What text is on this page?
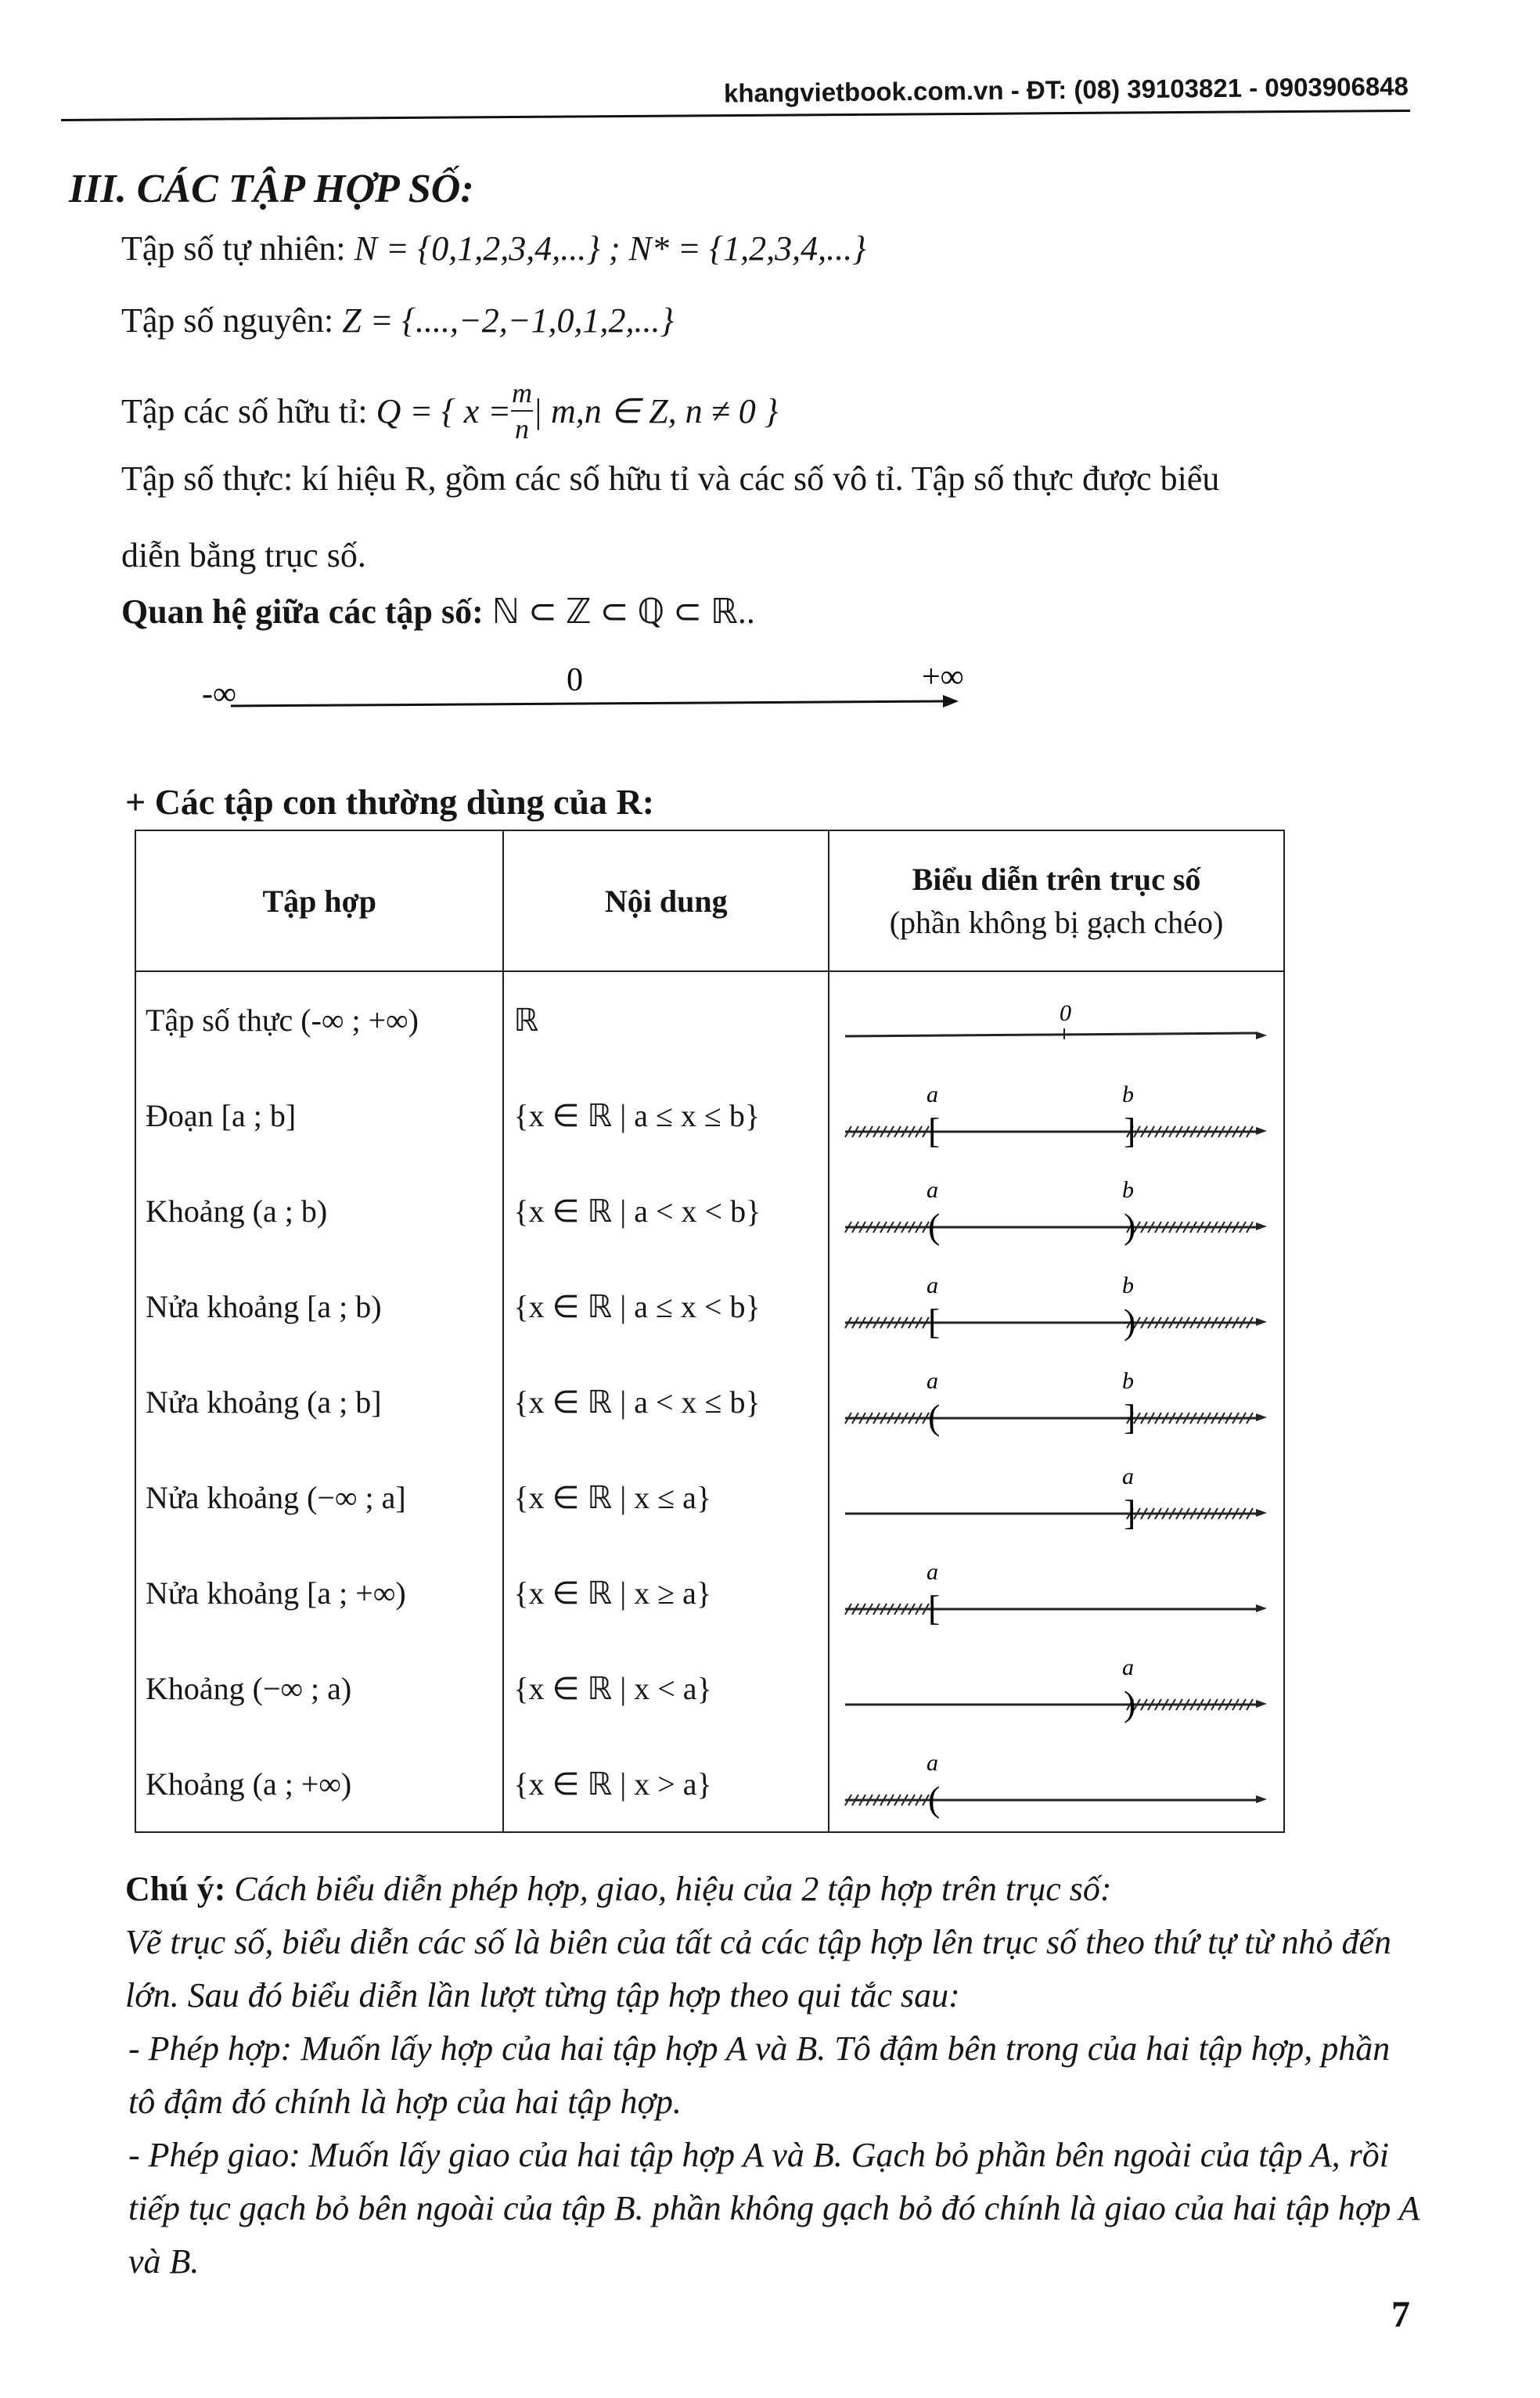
khangvietbook.com.vn - ĐT: (08) 39103821 - 0903906848
III. CÁC TẬP HỢP SỐ:
Tập số tự nhiên: N = {0,1,2,3,4,...} ; N* = {1,2,3,4,...}
Tập số nguyên: Z = {....,−2,−1,0,1,2,...}
Tập các số hữu tỉ:
Q = { x = m
n | m,n ∈ Z, n ≠ 0 }
Tập số thực: kí hiệu R, gồm các số hữu tỉ và các số vô tỉ. Tập số thực được biểu
diễn bằng trục số.
Quan hệ giữa các tập số: ℕ ⊂ ℤ ⊂ ℚ ⊂ ℝ..
-∞	0	+∞
+ Các tập con thường dùng của R:
Tập hợp	Nội dung	Biểu diễn trên trục số
(phần không bị gạch chéo)

Tập số thực (-∞ ; +∞)	ℝ	0

Đoạn [a ; b]	{x ∈ ℝ | a ≤ x ≤ b}	[ ]
a b

Khoảng (a ; b)	{x ∈ ℝ | a < x < b}	( )
a b

Nửa khoảng [a ; b)	{x ∈ ℝ | a ≤ x < b}	[ )
a b

Nửa khoảng (a ; b]	{x ∈ ℝ | a < x ≤ b}	( ]
a b

Nửa khoảng (−∞ ; a]	{x ∈ ℝ | x ≤ a}	]
a

Nửa khoảng [a ; +∞)	{x ∈ ℝ | x ≥ a}	[
a

Khoảng (−∞ ; a)	{x ∈ ℝ | x < a}	)
a

Khoảng (a ; +∞)	{x ∈ ℝ | x > a}	(
a

Chú ý: Cách biểu diễn phép hợp, giao, hiệu của 2 tập hợp trên trục số:

Vẽ trục số, biểu diễn các số là biên của tất cả các tập hợp lên trục số theo thứ tự từ nhỏ đến lớn. Sau đó biểu diễn lần lượt từng tập hợp theo qui tắc sau:

- Phép hợp: Muốn lấy hợp của hai tập hợp A và B. Tô đậm bên trong của hai tập hợp, phần tô đậm đó chính là hợp của hai tập hợp.

- Phép giao: Muốn lấy giao của hai tập hợp A và B. Gạch bỏ phần bên ngoài của tập A, rồi tiếp tục gạch bỏ bên ngoài của tập B. phần không gạch bỏ đó chính là giao của hai tập hợp A và B.

7
